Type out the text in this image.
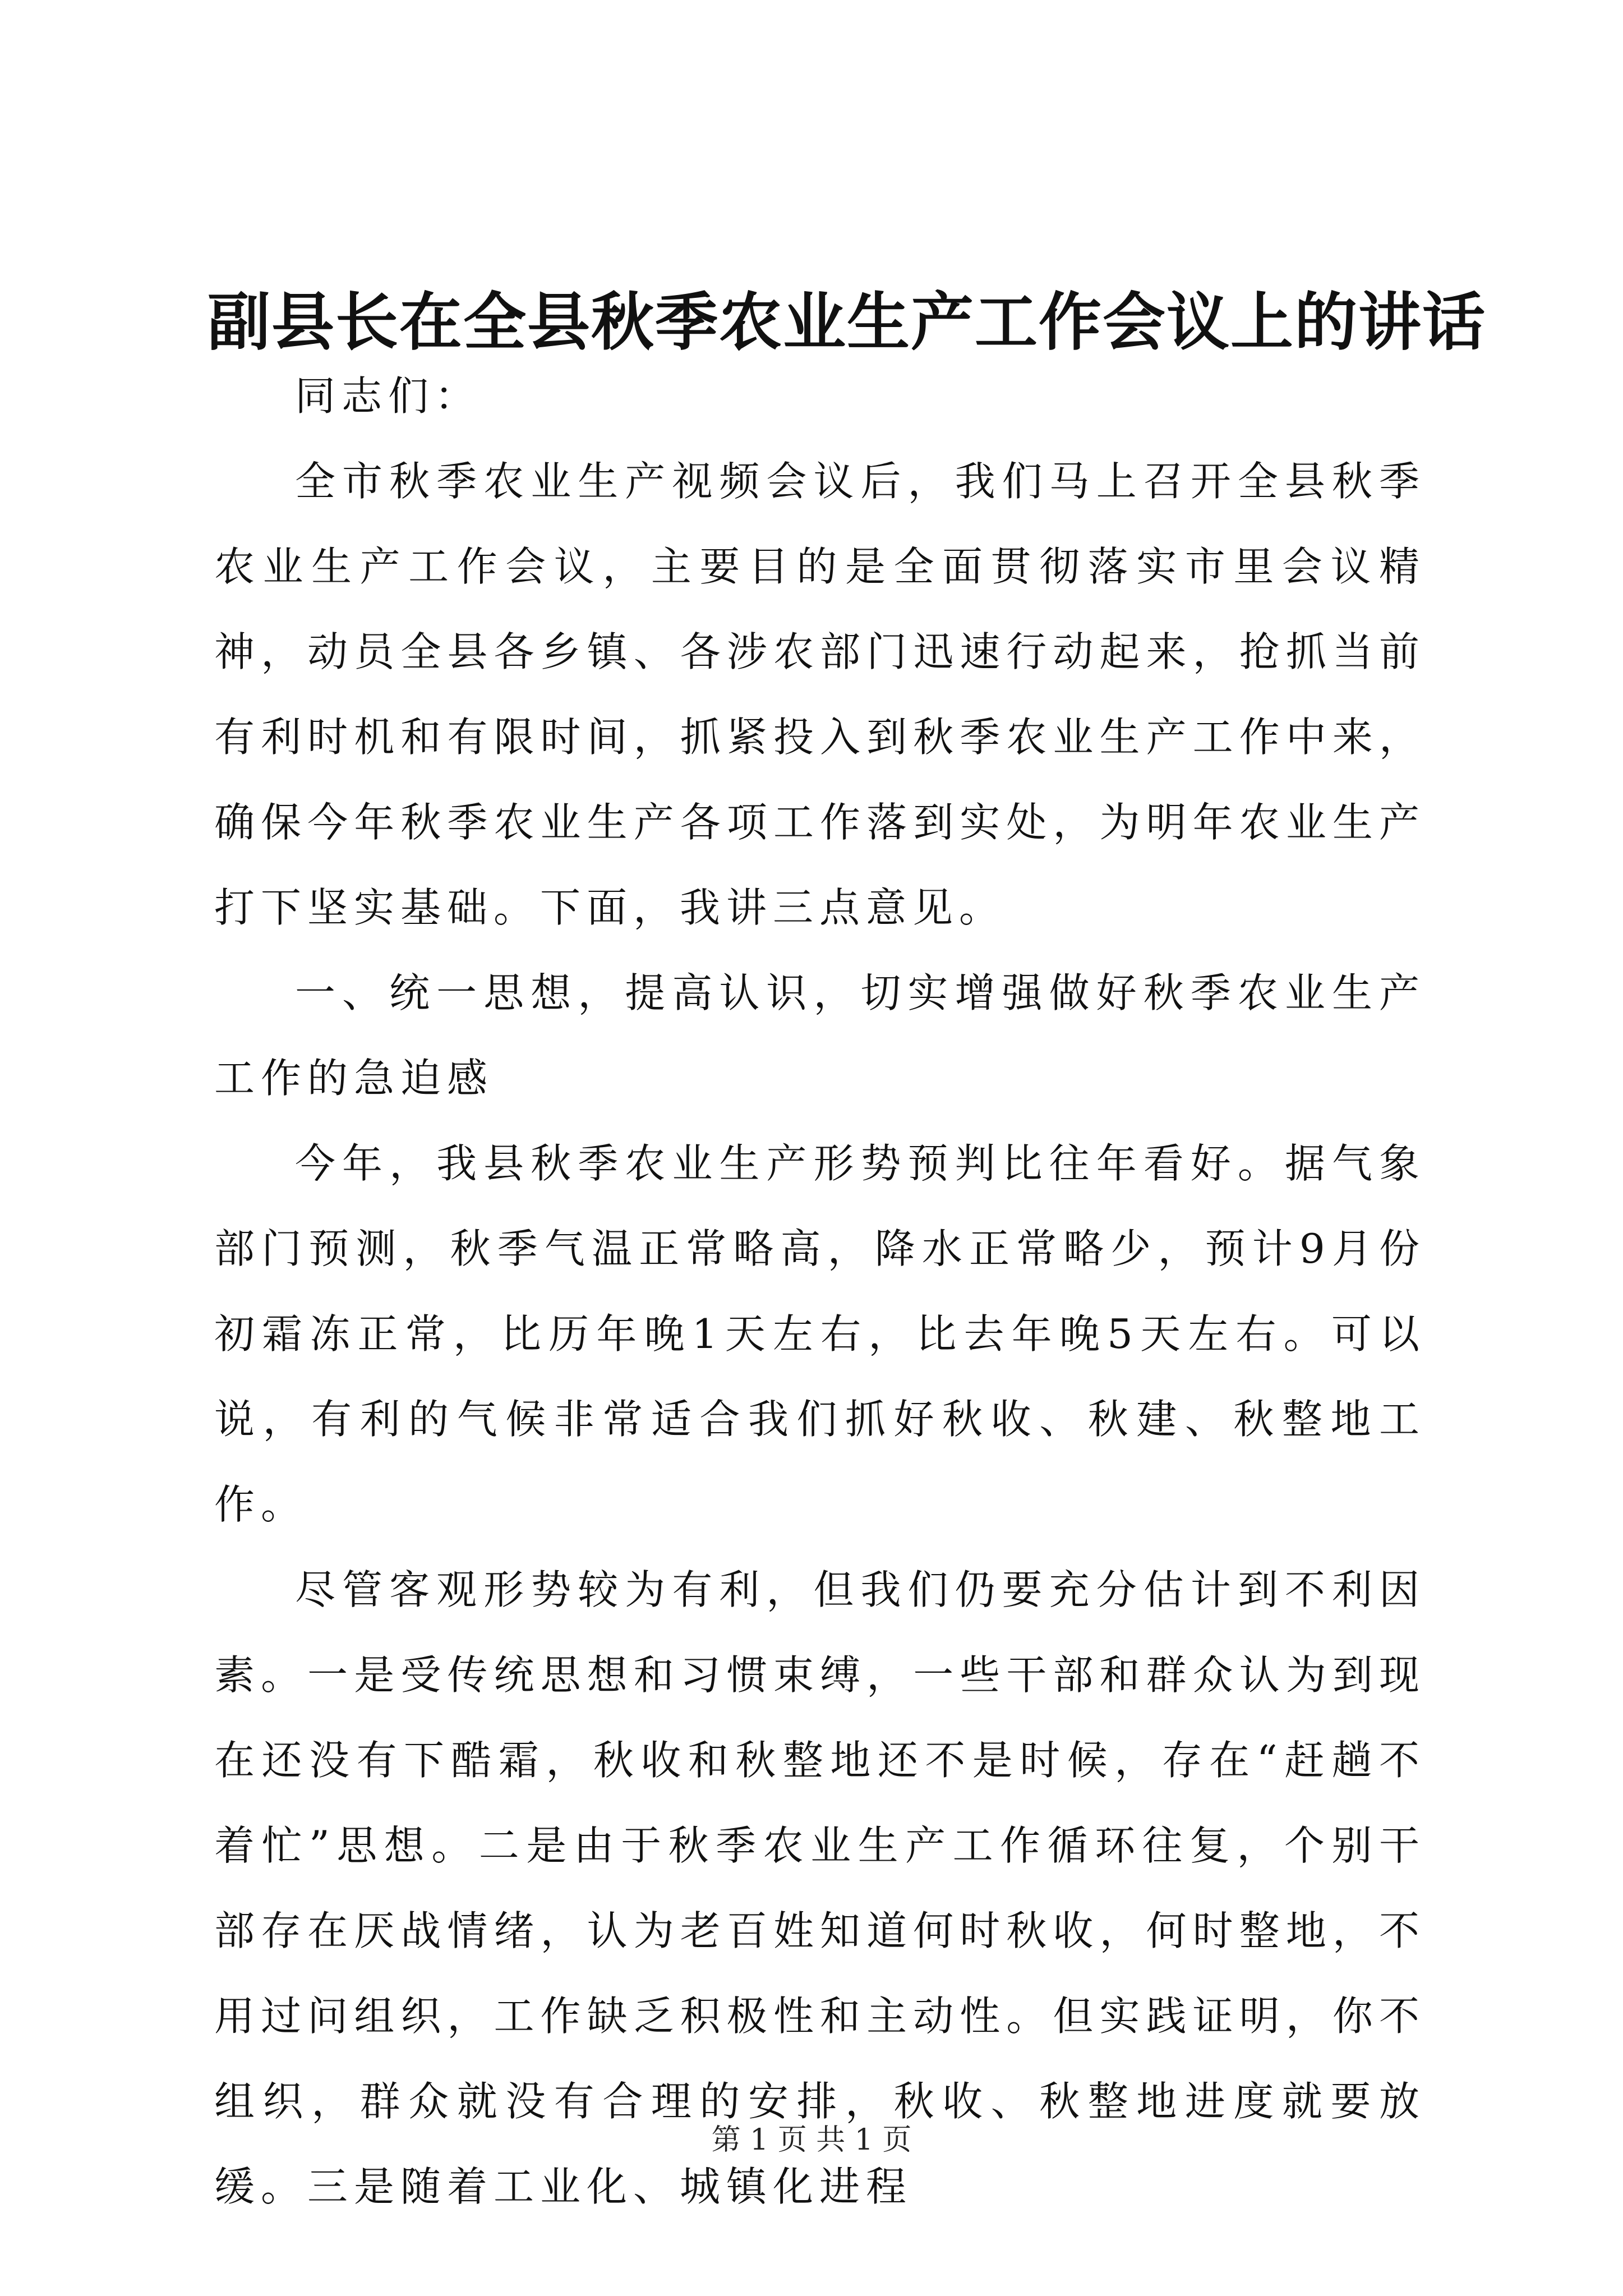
副县长在全县秋季农业生产工作会议上的讲话

同志们：

全市秋季农业生产视频会议后，我们马上召开全县秋季农业生产工作会议，主要目的是全面贯彻落实市里会议精神，动员全县各乡镇、各涉农部门迅速行动起来，抢抓当前有利时机和有限时间，抓紧投入到秋季农业生产工作中来，确保今年秋季农业生产各项工作落到实处，为明年农业生产打下坚实基础。下面，我讲三点意见。

一、统一思想，提高认识，切实增强做好秋季农业生产工作的急迫感

今年，我县秋季农业生产形势预判比往年看好。据气象部门预测，秋季气温正常略高，降水正常略少，预计9月份初霜冻正常，比历年晚1天左右，比去年晚5天左右。可以说，有利的气候非常适合我们抓好秋收、秋建、秋整地工作。

尽管客观形势较为有利，但我们仍要充分估计到不利因素。一是受传统思想和习惯束缚，一些干部和群众认为到现在还没有下酷霜，秋收和秋整地还不是时候，存在“赶趟不着忙”思想。二是由于秋季农业生产工作循环往复，个别干部存在厌战情绪，认为老百姓知道何时秋收，何时整地，不用过问组织，工作缺乏积极性和主动性。但实践证明，你不组织，群众就没有合理的安排，秋收、秋整地进度就要放缓。三是随着工业化、城镇化进程

第 1 页 共 1 页
